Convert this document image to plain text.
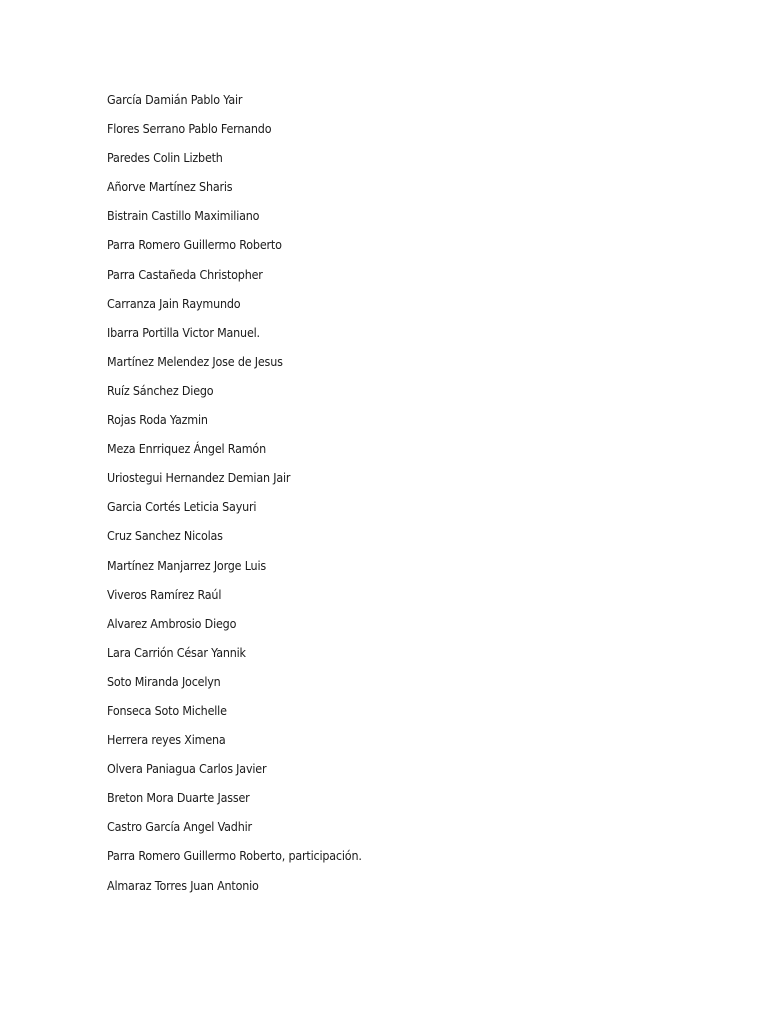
García Damián Pablo Yair
Flores Serrano Pablo Fernando
Paredes Colin Lizbeth
Añorve Martínez Sharis
Bistrain Castillo Maximiliano
Parra Romero Guillermo Roberto
Parra Castañeda Christopher
Carranza Jain Raymundo
Ibarra Portilla Victor Manuel.
Martínez Melendez Jose de Jesus
Ruíz Sánchez Diego
Rojas Roda Yazmin
Meza Enrriquez Ángel Ramón
Uriostegui Hernandez Demian Jair
Garcia Cortés Leticia Sayuri
Cruz Sanchez Nicolas
Martínez Manjarrez Jorge Luis
Viveros Ramírez Raúl
Alvarez Ambrosio Diego
Lara Carrión César Yannik
Soto Miranda Jocelyn
Fonseca Soto Michelle
Herrera reyes Ximena
Olvera Paniagua Carlos Javier
Breton Mora Duarte Jasser
Castro García Angel Vadhir
Parra Romero Guillermo Roberto, participación.
Almaraz Torres Juan Antonio
